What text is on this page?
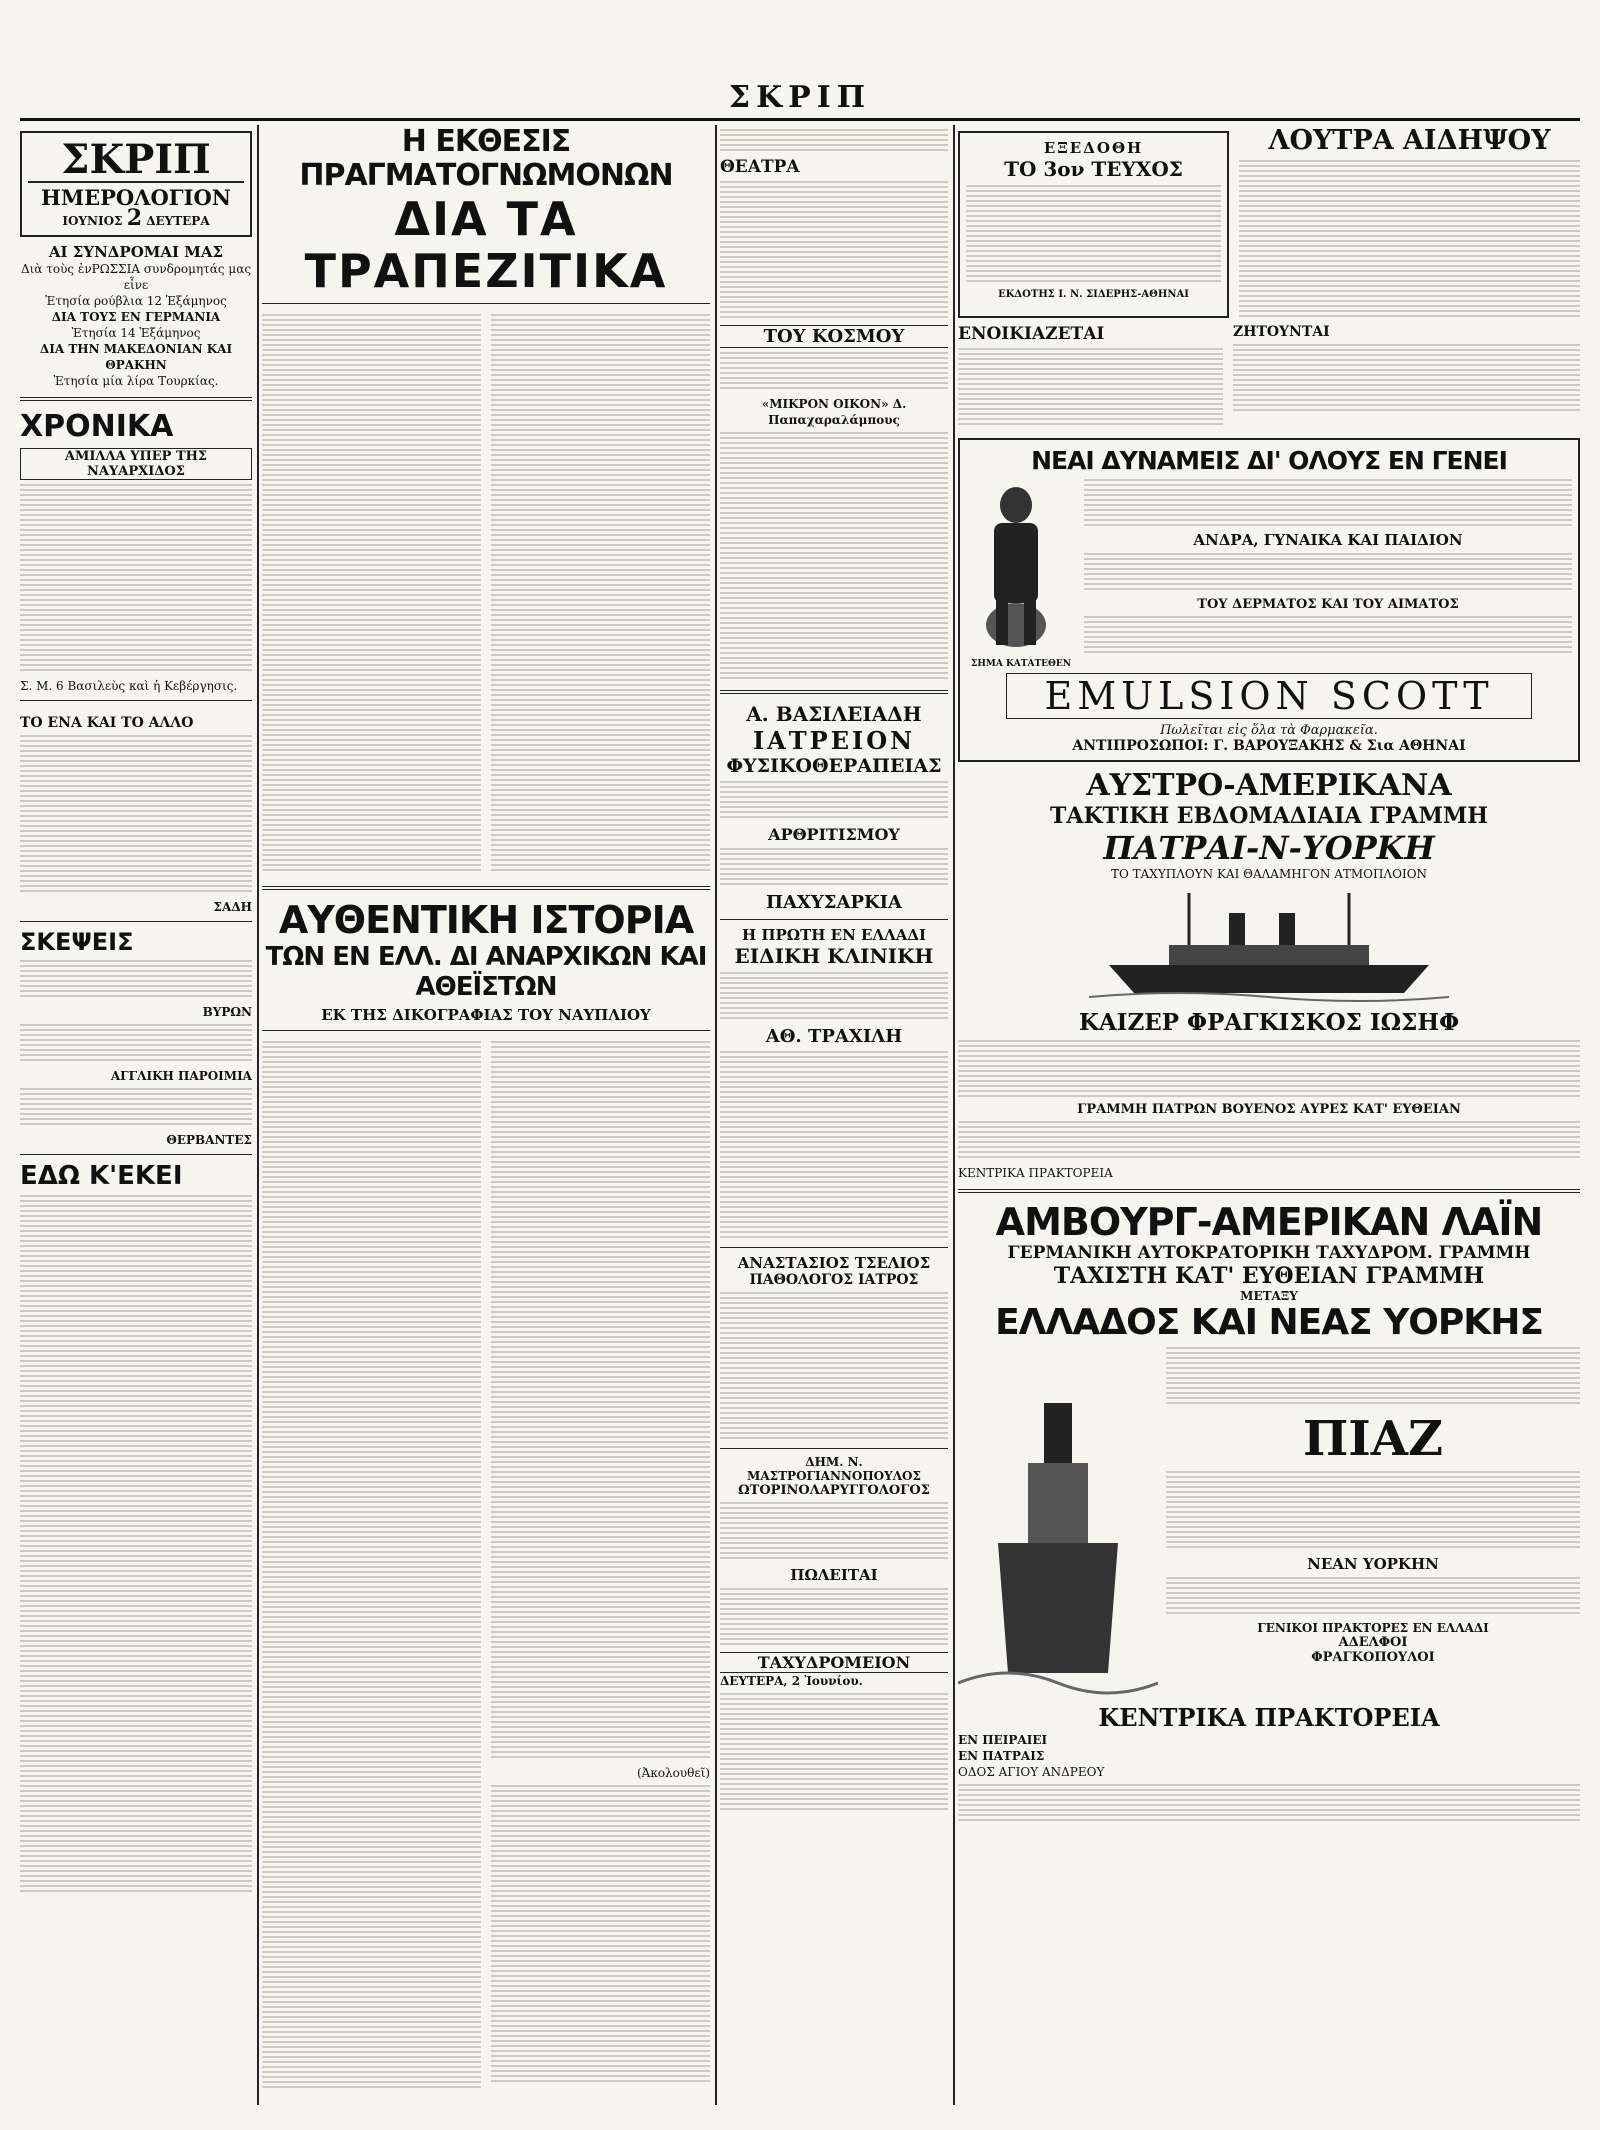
ΣΚΡΙΠ
ΣΚΡΙΠ
ΗΜΕΡΟΛΟΓΙΟΝ
ΙΟΥΝΙΟΣ 2 ΔΕΥΤΕΡΑ
ΑΙ ΣΥΝΔΡΟΜΑΙ ΜΑΣ
Διὰ τοὺς ἐνΡΩΣΣΙΑ συνδρομητάς μας εἶνε
Ἐτησία ρούβλια 12 Ἑξάμηνος
ΔΙΑ ΤΟΥΣ ΕΝ ΓΕΡΜΑΝΙΑ
Ἐτησία 14 Ἑξάμηνος
ΔΙΑ ΤΗΝ ΜΑΚΕΔΟΝΙΑΝ ΚΑΙ ΘΡΑΚΗΝ
Ἐτησία μία λίρα Τουρκίας.
ΧΡΟΝΙΚΑ
ΑΜΙΛΛΑ ΥΠΕΡ ΤΗΣ ΝΑΥΑΡΧΙΔΟΣ
Σ. Μ. 6 Βασιλεὺς καὶ ἡ Κεβέργησις.
ΤΟ ΕΝΑ ΚΑΙ ΤΟ ΑΛΛΟ
ΣΑΔΗ
ΣΚΕΨΕΙΣ
ΒΥΡΩΝ
ΑΓΓΛΙΚΗ ΠΑΡΟΙΜΙΑ
ΘΕΡΒΑΝΤΕΣ
ΕΔΩ Κ'ΕΚΕΙ
Η ΕΚΘΕΣΙΣ ΠΡΑΓΜΑΤΟΓΝΩΜΟΝΩΝ
ΔΙΑ ΤΑ ΤΡΑΠΕΖΙΤΙΚΑ
ΑΥΘΕΝΤΙΚΗ ΙΣΤΟΡΙΑ
ΤΩΝ ΕΝ ΕΛΛ. ΔΙ ΑΝΑΡΧΙΚΩΝ ΚΑΙ ΑΘΕΪΣΤΩΝ
ΕΚ ΤΗΣ ΔΙΚΟΓΡΑΦΙΑΣ ΤΟΥ ΝΑΥΠΛΙΟΥ
(Ἀκολουθεῖ)
ΘΕΑΤΡΑ
ΤΟΥ ΚΟΣΜΟΥ
«ΜΙΚΡΟΝ ΟΙΚΟΝ» Δ. Παπαχαραλάμπους
Α. ΒΑΣΙΛΕΙΑΔΗ
ΙΑΤΡΕΙΟΝ
ΦΥΣΙΚΟΘΕΡΑΠΕΙΑΣ
ΑΡΘΡΙΤΙΣΜΟΥ
ΠΑΧΥΣΑΡΚΙΑ
Η ΠΡΩΤΗ ΕΝ ΕΛΛΑΔΙ
ΕΙΔΙΚΗ ΚΛΙΝΙΚΗ
ΑΘ. ΤΡΑΧΙΛΗ
ΑΝΑΣΤΑΣΙΟΣ ΤΣΕΛΙΟΣ
ΠΑΘΟΛΟΓΟΣ ΙΑΤΡΟΣ
ΔΗΜ. Ν. ΜΑΣΤΡΟΓΙΑΝΝΟΠΟΥΛΟΣ
ΩΤΟΡΙΝΟΛΑΡΥΓΓΟΛΟΓΟΣ
ΠΩΛΕΙΤΑΙ
ΤΑΧΥΔΡΟΜΕΙΟΝ
ΔΕΥΤΕΡΑ, 2 Ἰουνίου.
ΕΞΕΔΟΘΗ
ΤΟ 3ον ΤΕΥΧΟΣ
ΕΚΔΟΤΗΣ Ι. Ν. ΣΙΔΕΡΗΣ-ΑΘΗΝΑΙ
ΛΟΥΤΡΑ ΑΙΔΗΨΟΥ
ΕΝΟΙΚΙΑΖΕΤΑΙ	ΖΗΤΟΥΝΤΑΙ
ΝΕΑΙ ΔΥΝΑΜΕΙΣ ΔΙ' ΟΛΟΥΣ ΕΝ ΓΕΝΕΙ
ΣΗΜΑ ΚΑΤΑΤΕΘΕΝ
ΑΝΔΡΑ, ΓΥΝΑΙΚΑ ΚΑΙ ΠΑΙΔΙΟΝ
ΤΟΥ ΔΕΡΜΑΤΟΣ ΚΑΙ ΤΟΥ ΑΙΜΑΤΟΣ
EMULSION SCOTT
Πωλεῖται εἰς ὅλα τὰ Φαρμακεῖα.
ΑΝΤΙΠΡΟΣΩΠΟΙ: Γ. ΒΑΡΟΥΞΑΚΗΣ & Σια ΑΘΗΝΑΙ
ΑΥΣΤΡΟ-ΑΜΕΡΙΚΑΝΑ
ΤΑΚΤΙΚΗ ΕΒΔΟΜΑΔΙΑΙΑ ΓΡΑΜΜΗ
ΠΑΤΡΑΙ-Ν-ΥΟΡΚΗ
ΤΟ ΤΑΧΥΠΛΟΥΝ ΚΑΙ ΘΑΛΑΜΗΓΟΝ ΑΤΜΟΠΛΟΙΟΝ
ΚΑΙΖΕΡ ΦΡΑΓΚΙΣΚΟΣ ΙΩΣΗΦ
ΓΡΑΜΜΗ ΠΑΤΡΩΝ ΒΟΥΕΝΟΣ ΑΥΡΕΣ ΚΑΤ' ΕΥΘΕΙΑΝ
ΚΕΝΤΡΙΚΑ ΠΡΑΚΤΟΡΕΙΑ
ΑΜΒΟΥΡΓ-ΑΜΕΡΙΚΑΝ ΛΑΪΝ
ΓΕΡΜΑΝΙΚΗ ΑΥΤΟΚΡΑΤΟΡΙΚΗ ΤΑΧΥΔΡΟΜ. ΓΡΑΜΜΗ
ΤΑΧΙΣΤΗ ΚΑΤ' ΕΥΘΕΙΑΝ ΓΡΑΜΜΗ
ΜΕΤΑΞΥ
ΕΛΛΑΔΟΣ ΚΑΙ ΝΕΑΣ ΥΟΡΚΗΣ
ΠΙΑΖ
ΝΕΑΝ ΥΟΡΚΗΝ
ΓΕΝΙΚΟΙ ΠΡΑΚΤΟΡΕΣ ΕΝ ΕΛΛΑΔΙ
ΑΔΕΛΦΟΙ
ΦΡΑΓΚΟΠΟΥΛΟΙ
ΚΕΝΤΡΙΚΑ ΠΡΑΚΤΟΡΕΙΑ
ΕΝ ΠΕΙΡΑΙΕΙ
ΕΝ ΠΑΤΡΑΙΣ
ΟΔΟΣ ΑΓΙΟΥ ΑΝΔΡΕΟΥ
